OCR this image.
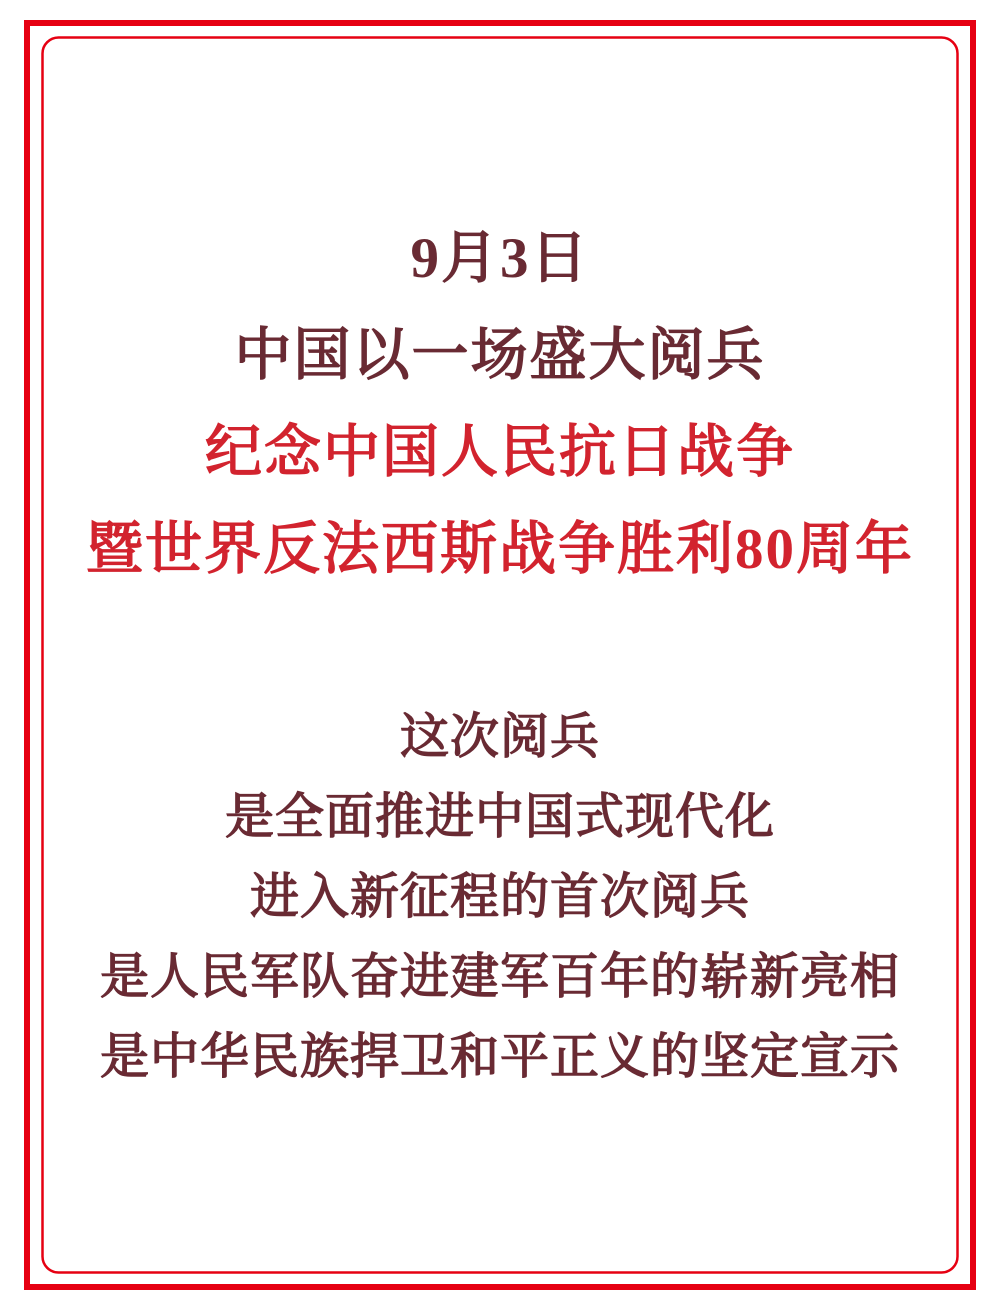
9月3日
中国以一场盛大阅兵
纪念中国人民抗日战争
暨世界反法西斯战争胜利80周年
这次阅兵
是全面推进中国式现代化
进入新征程的首次阅兵
是人民军队奋进建军百年的崭新亮相
是中华民族捍卫和平正义的坚定宣示
